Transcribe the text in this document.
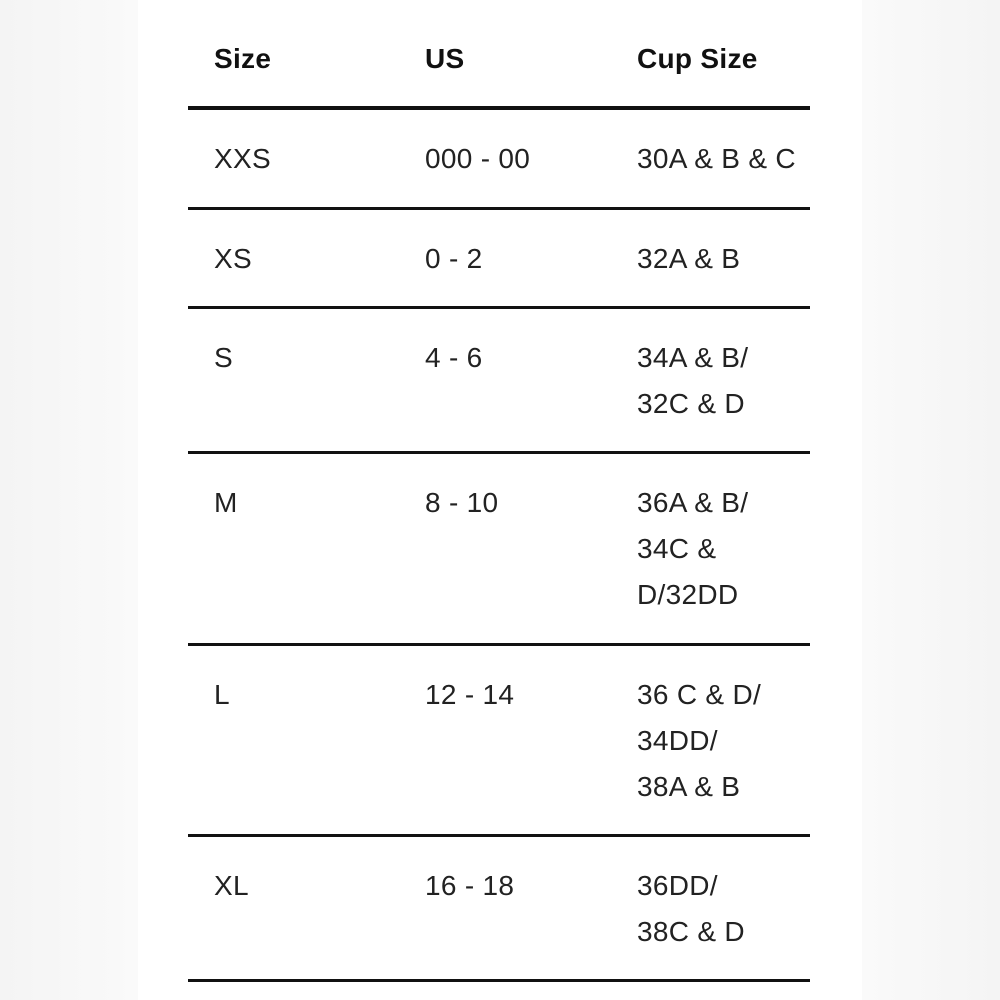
Size	US	Cup Size
XXS	000 - 00	30A & B & C
XS	0 - 2	32A & B
S	4 - 6	34A & B/
32C & D
M	8 - 10	36A & B/
34C &
D/32DD
L	12 - 14	36 C & D/
34DD/
38A & B
XL	16 - 18	36DD/
38C & D
